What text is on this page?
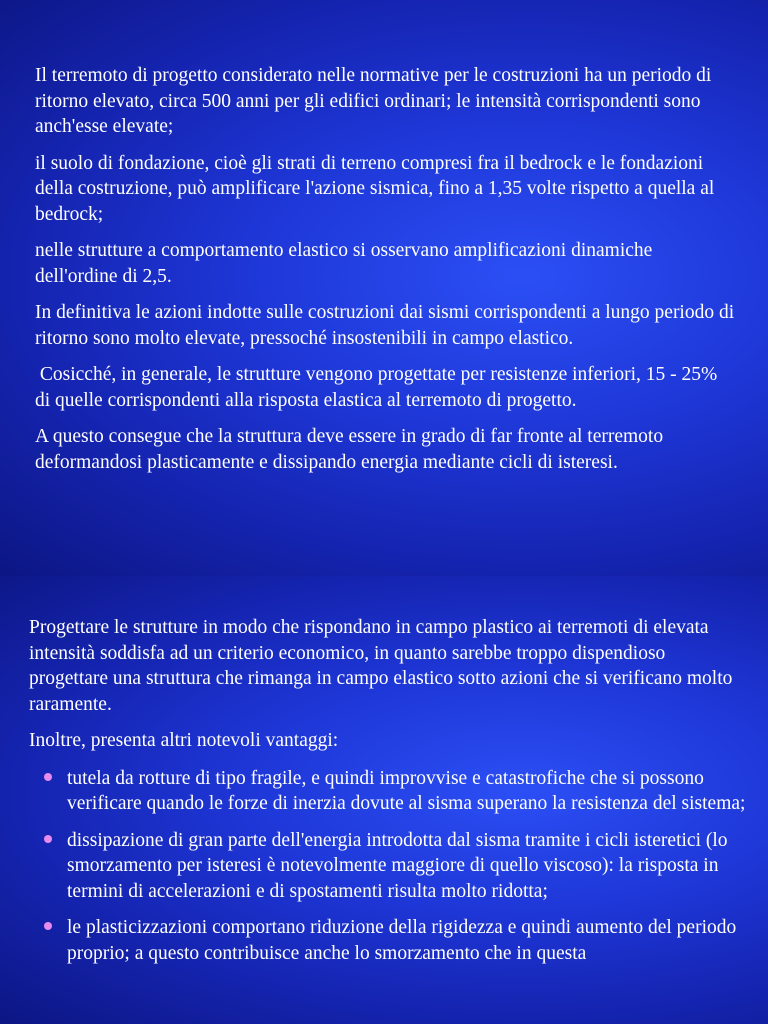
Il terremoto di progetto considerato nelle normative per le costruzioni ha un periodo di ritorno elevato, circa 500 anni per gli edifici ordinari; le intensità corrispondenti sono anch'esse elevate;

il suolo di fondazione, cioè gli strati di terreno compresi fra il bedrock e le fondazioni della costruzione, può amplificare l'azione sismica, fino a 1,35 volte rispetto a quella al bedrock;

nelle strutture a comportamento elastico si osservano amplificazioni dinamiche dell'ordine di 2,5.

In definitiva le azioni indotte sulle costruzioni dai sismi corrispondenti a lungo periodo di ritorno sono molto elevate, pressoché insostenibili in campo elastico.

Cosicché, in generale, le strutture vengono progettate per resistenze inferiori, 15 - 25% di quelle corrispondenti alla risposta elastica al terremoto di progetto.

A questo consegue che la struttura deve essere in grado di far fronte al terremoto deformandosi plasticamente e dissipando energia mediante cicli di isteresi.

Progettare le strutture in modo che rispondano in campo plastico ai terremoti di elevata intensità soddisfa ad un criterio economico, in quanto sarebbe troppo dispendioso progettare una struttura che rimanga in campo elastico sotto azioni che si verificano molto raramente.

Inoltre, presenta altri notevoli vantaggi:

tutela da rotture di tipo fragile, e quindi improvvise e catastrofiche che si possono verificare quando le forze di inerzia dovute al sisma superano la resistenza del sistema;
dissipazione di gran parte dell'energia introdotta dal sisma tramite i cicli isteretici (lo smorzamento per isteresi è notevolmente maggiore di quello viscoso): la risposta in termini di accelerazioni e di spostamenti risulta molto ridotta;
le plasticizzazioni comportano riduzione della rigidezza e quindi aumento del periodo proprio; a questo contribuisce anche lo smorzamento che in questa
